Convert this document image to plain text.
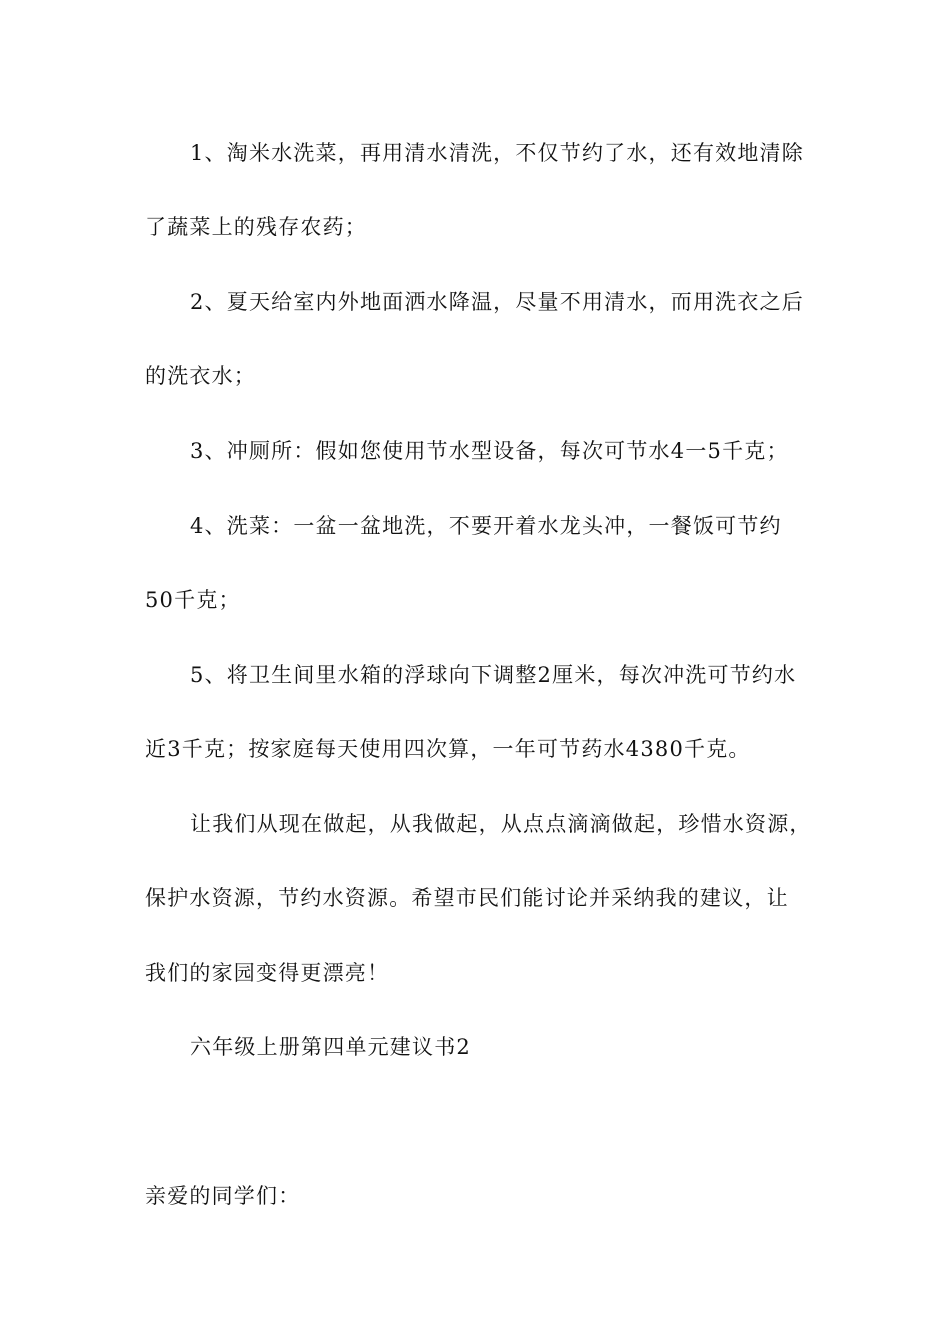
1、淘米水洗菜，再用清水清洗，不仅节约了水，还有效地清除
了蔬菜上的残存农药；
2、夏天给室内外地面洒水降温，尽量不用清水，而用洗衣之后
的洗衣水；
3、冲厕所：假如您使用节水型设备，每次可节水4一5千克；
4、洗菜：一盆一盆地洗，不要开着水龙头冲，一餐饭可节约
50千克；
5、将卫生间里水箱的浮球向下调整2厘米，每次冲洗可节约水
近3千克；按家庭每天使用四次算，一年可节药水4380千克。
让我们从现在做起，从我做起，从点点滴滴做起，珍惜水资源，
保护水资源，节约水资源。希望市民们能讨论并采纳我的建议，让
我们的家园变得更漂亮！
六年级上册第四单元建议书2
亲爱的同学们：
